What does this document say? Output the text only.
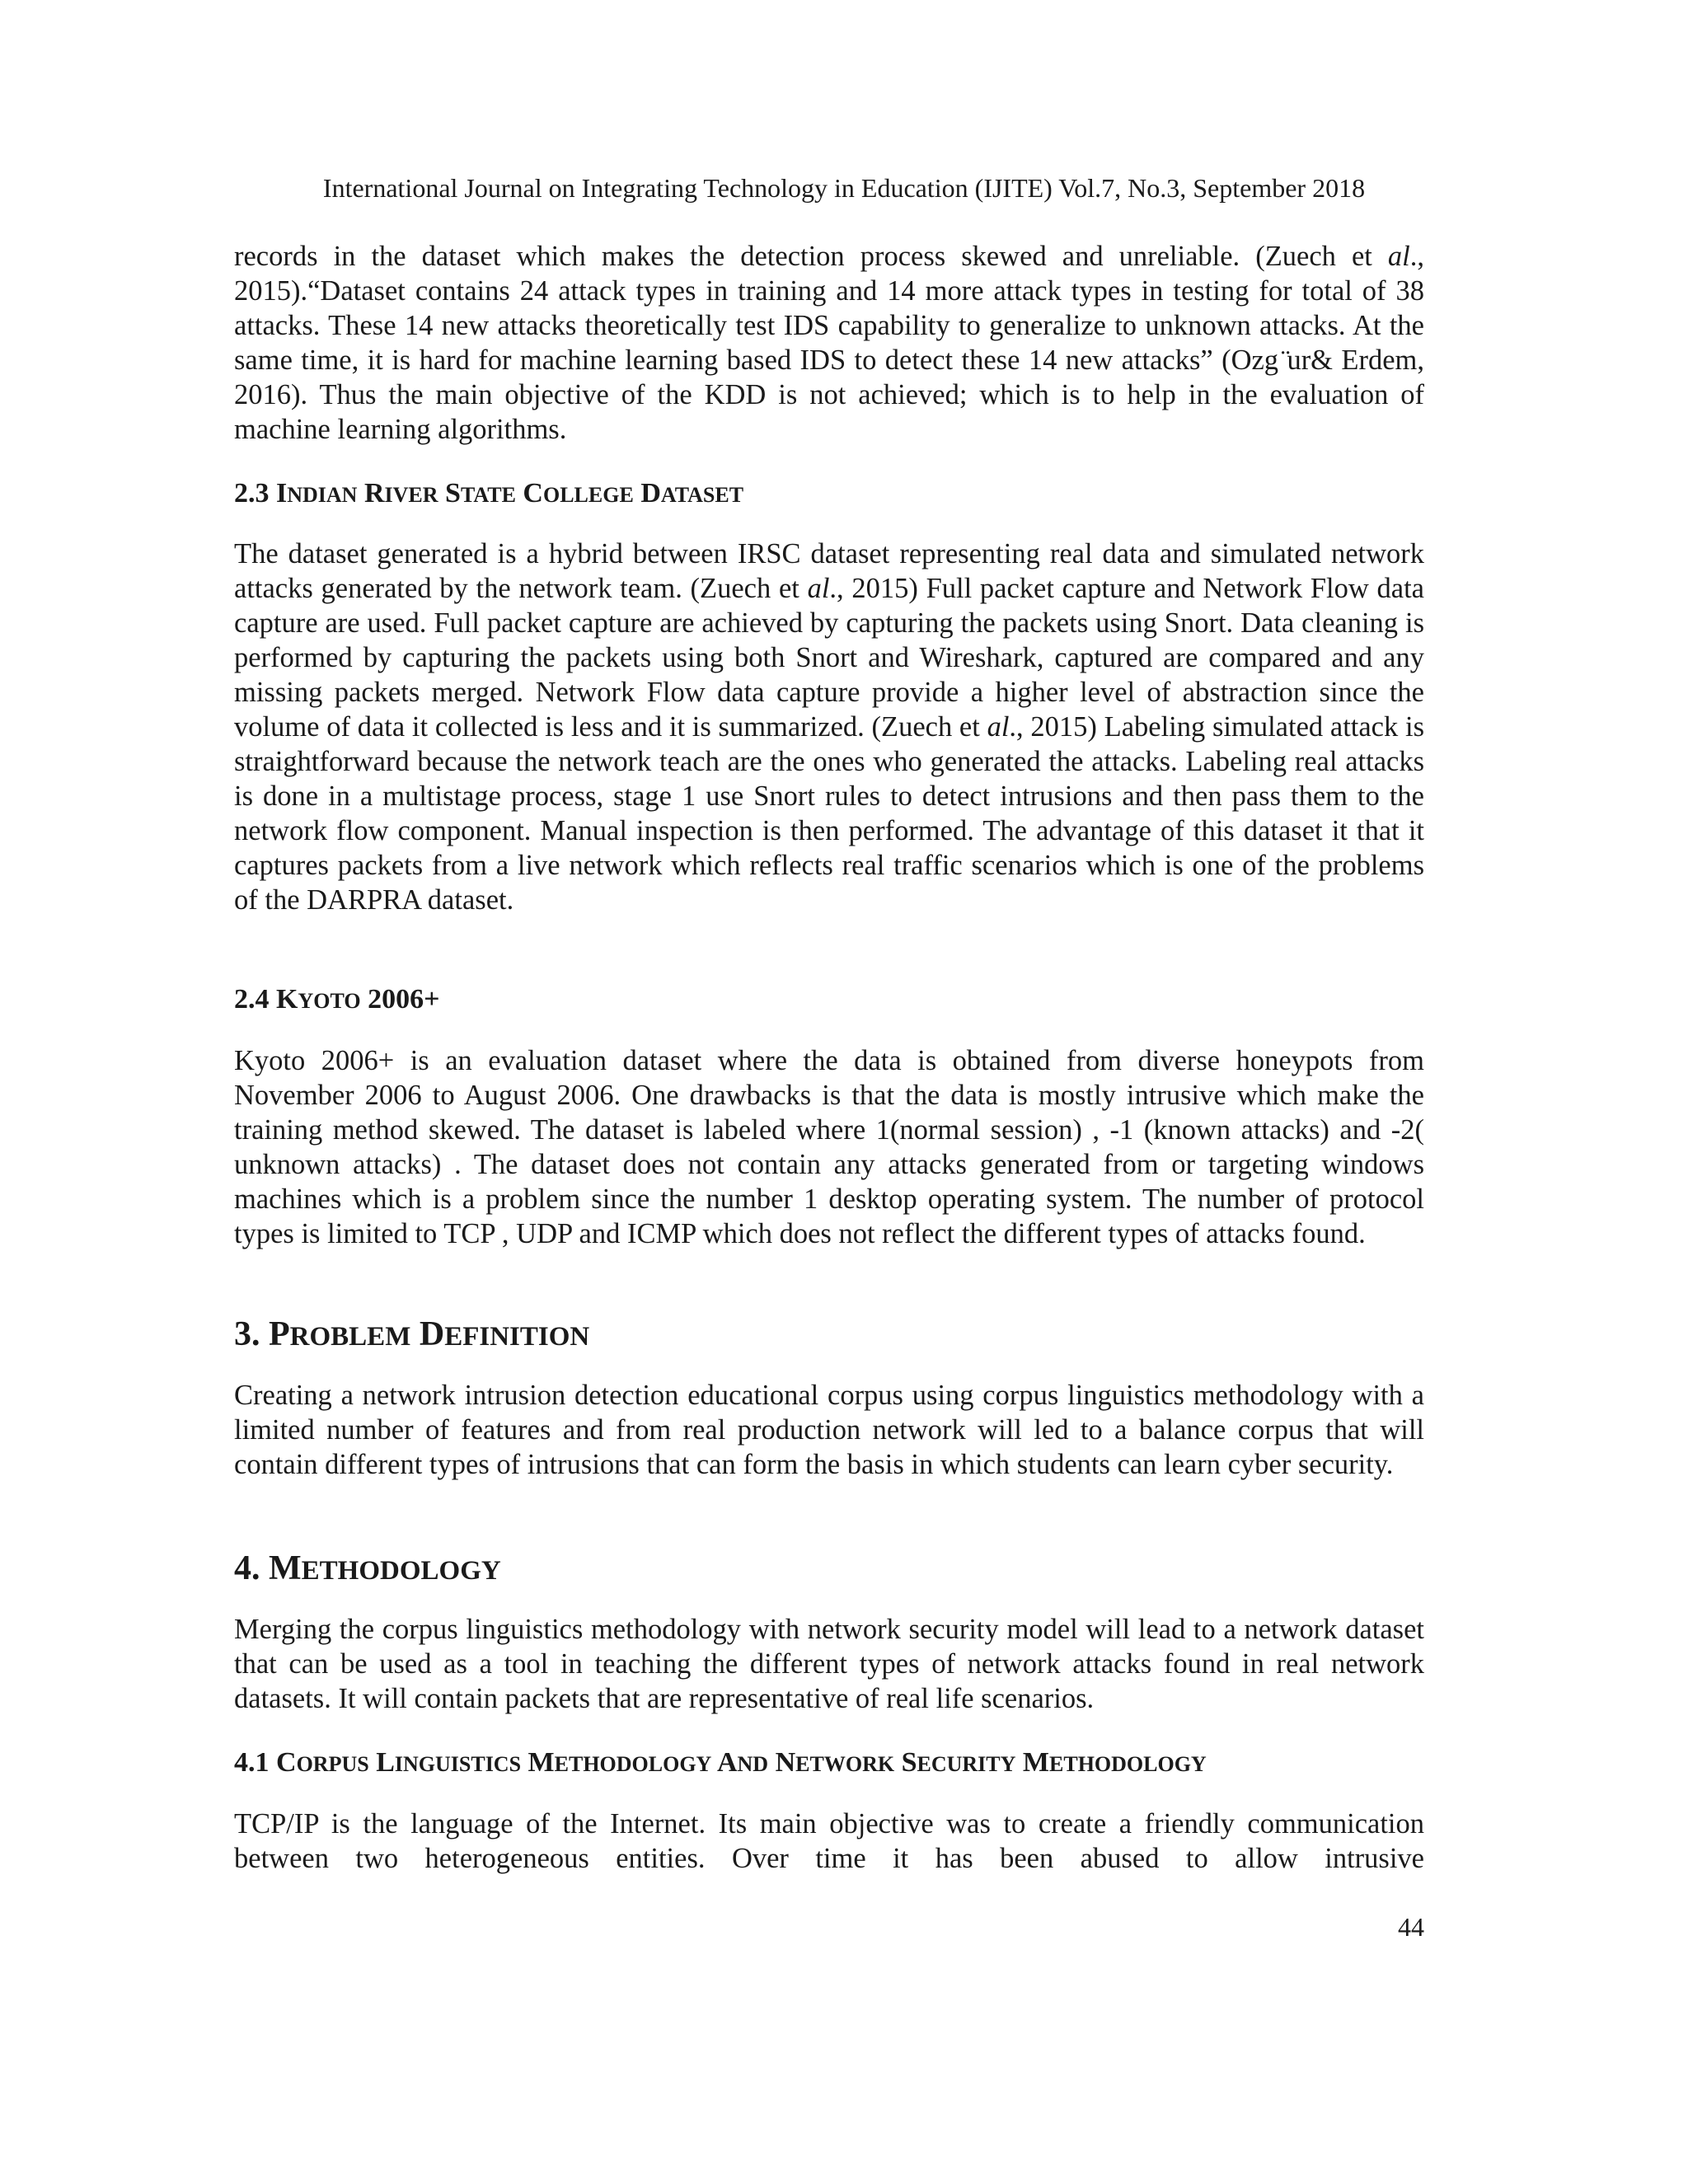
International Journal on Integrating Technology in Education (IJITE) Vol.7, No.3, September 2018

records in the dataset which makes the detection process skewed and unreliable. (Zuech et al., 2015).“Dataset contains 24 attack types in training and 14 more attack types in testing for total of 38 attacks. These 14 new attacks theoretically test IDS capability to generalize to unknown attacks. At the same time, it is hard for machine learning based IDS to detect these 14 new attacks” (Ozg ̈ur& Erdem, 2016). Thus the main objective of the KDD is not achieved; which is to help in the evaluation of machine learning algorithms.

2.3 INDIAN RIVER STATE COLLEGE DATASET

The dataset generated is a hybrid between IRSC dataset representing real data and simulated network attacks generated by the network team. (Zuech et al., 2015) Full packet capture and Network Flow data capture are used. Full packet capture are achieved by capturing the packets using Snort. Data cleaning is performed by capturing the packets using both Snort and Wireshark, captured are compared and any missing packets merged. Network Flow data capture provide a higher level of abstraction since the volume of data it collected is less and it is summarized. (Zuech et al., 2015) Labeling simulated attack is straightforward because the network teach are the ones who generated the attacks. Labeling real attacks is done in a multistage process, stage 1 use Snort rules to detect intrusions and then pass them to the network flow component. Manual inspection is then performed. The advantage of this dataset it that it captures packets from a live network which reflects real traffic scenarios which is one of the problems of the DARPRA dataset.

2.4 KYOTO 2006+

Kyoto 2006+ is an evaluation dataset where the data is obtained from diverse honeypots from November 2006 to August 2006. One drawbacks is that the data is mostly intrusive which make the training method skewed. The dataset is labeled where 1(normal session) , -1 (known attacks) and -2( unknown attacks) . The dataset does not contain any attacks generated from or targeting windows machines which is a problem since the number 1 desktop operating system. The number of protocol types is limited to TCP , UDP and ICMP which does not reflect the different types of attacks found.

3. PROBLEM DEFINITION

Creating a network intrusion detection educational corpus using corpus linguistics methodology with a limited number of features and from real production network will led to a balance corpus that will contain different types of intrusions that can form the basis in which students can learn cyber security.

4. METHODOLOGY

Merging the corpus linguistics methodology with network security model will lead to a network dataset that can be used as a tool in teaching the different types of network attacks found in real network datasets. It will contain packets that are representative of real life scenarios.

4.1 CORPUS LINGUISTICS METHODOLOGY AND NETWORK SECURITY METHODOLOGY

TCP/IP is the language of the Internet. Its main objective was to create a friendly communication between two heterogeneous entities. Over time it has been abused to allow intrusive

44
